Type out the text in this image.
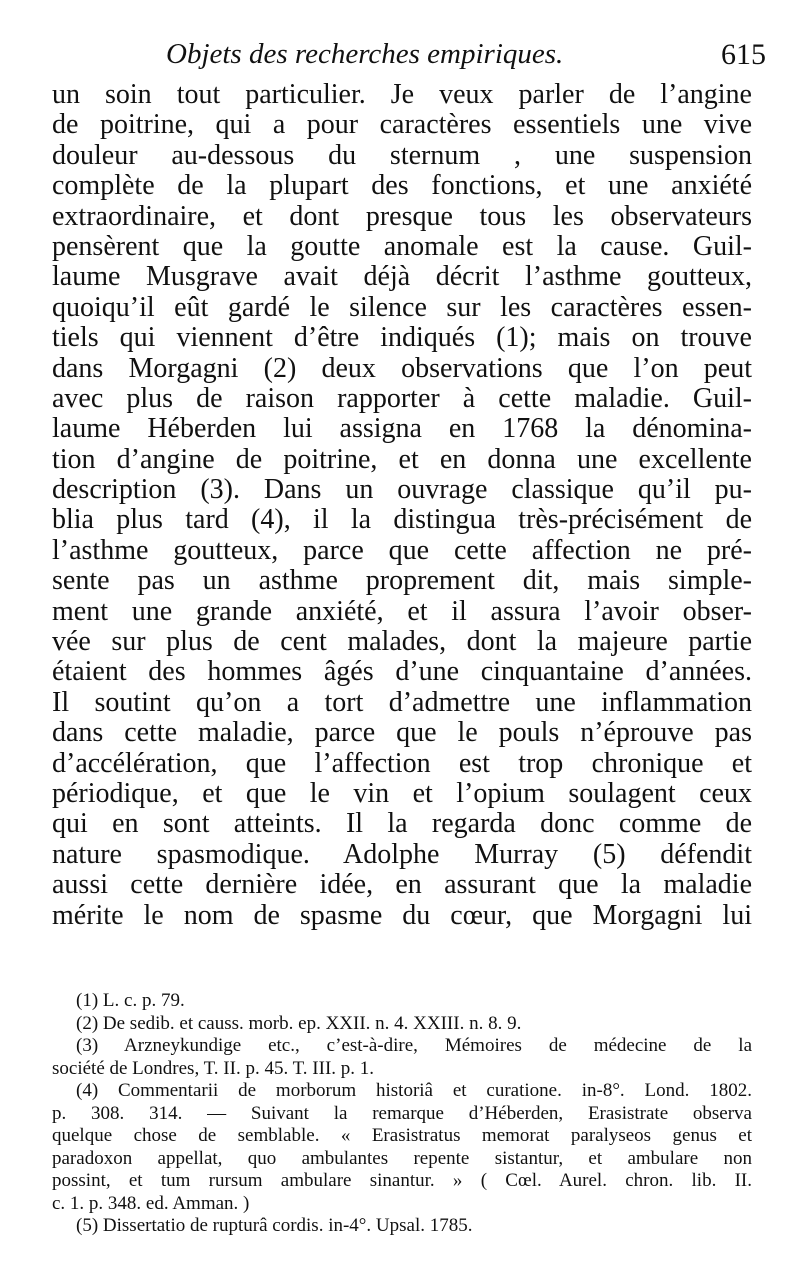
Objets des recherches empiriques.	615
un soin tout particulier. Je veux parler de l’angine
de poitrine, qui a pour caractères essentiels une vive
douleur au-dessous du sternum , une suspension
complète de la plupart des fonctions, et une anxiété
extraordinaire, et dont presque tous les observateurs
pensèrent que la goutte anomale est la cause. Guil-
laume Musgrave avait déjà décrit l’asthme goutteux,
quoiqu’il eût gardé le silence sur les caractères essen-
tiels qui viennent d’être indiqués (1); mais on trouve
dans Morgagni (2) deux observations que l’on peut
avec plus de raison rapporter à cette maladie. Guil-
laume Héberden lui assigna en 1768 la dénomina-
tion d’angine de poitrine, et en donna une excellente
description (3). Dans un ouvrage classique qu’il pu-
blia plus tard (4), il la distingua très-précisément de
l’asthme goutteux, parce que cette affection ne pré-
sente pas un asthme proprement dit, mais simple-
ment une grande anxiété, et il assura l’avoir obser-
vée sur plus de cent malades, dont la majeure partie
étaient des hommes âgés d’une cinquantaine d’années.
Il soutint qu’on a tort d’admettre une inflammation
dans cette maladie, parce que le pouls n’éprouve pas
d’accélération, que l’affection est trop chronique et
périodique, et que le vin et l’opium soulagent ceux
qui en sont atteints. Il la regarda donc comme de
nature spasmodique. Adolphe Murray (5) défendit
aussi cette dernière idée, en assurant que la maladie
mérite le nom de spasme du cœur, que Morgagni lui
(1) L. c. p. 79.
(2) De sedib. et causs. morb. ep. XXII. n. 4. XXIII. n. 8. 9.
(3) Arzneykundige etc., c’est-à-dire, Mémoires de médecine de la
société de Londres, T. II. p. 45. T. III. p. 1.
(4) Commentarii de morborum historiâ et curatione. in-8°. Lond. 1802.
p. 308. 314. — Suivant la remarque d’Héberden, Erasistrate observa
quelque chose de semblable. « Erasistratus memorat paralyseos genus et
paradoxon appellat, quo ambulantes repente sistantur, et ambulare non
possint, et tum rursum ambulare sinantur. » ( Cœl. Aurel. chron. lib. II.
c. 1. p. 348. ed. Amman. )
(5) Dissertatio de rupturâ cordis. in-4°. Upsal. 1785.
